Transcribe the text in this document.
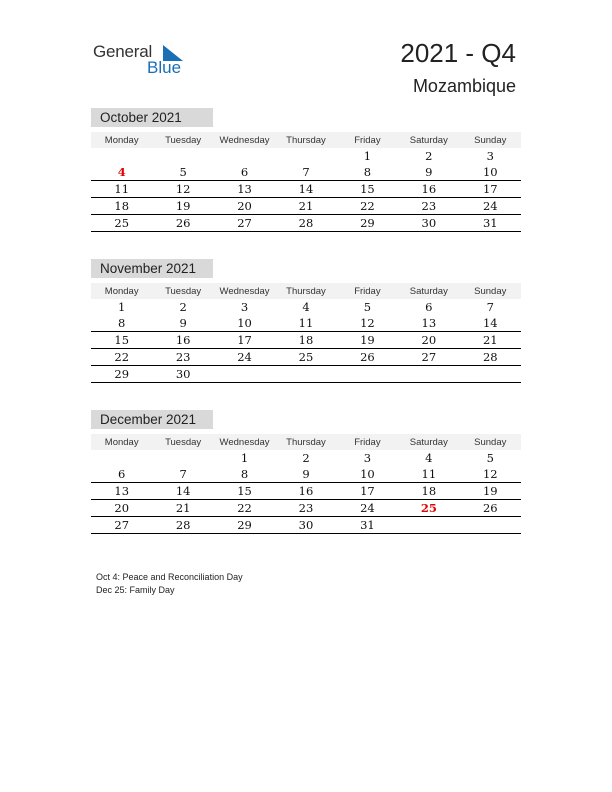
General
Blue	2021 - Q4
Mozambique
October 2021
Monday	Tuesday	Wednesday	Thursday	Friday	Saturday	Sunday
				1	2	3
4	5	6	7	8	9	10
11	12	13	14	15	16	17
18	19	20	21	22	23	24
25	26	27	28	29	30	31
November 2021
Monday	Tuesday	Wednesday	Thursday	Friday	Saturday	Sunday
1	2	3	4	5	6	7
8	9	10	11	12	13	14
15	16	17	18	19	20	21
22	23	24	25	26	27	28
29	30					
December 2021
Monday	Tuesday	Wednesday	Thursday	Friday	Saturday	Sunday
		1	2	3	4	5
6	7	8	9	10	11	12
13	14	15	16	17	18	19
20	21	22	23	24	25	26
27	28	29	30	31		
Oct 4: Peace and Reconciliation Day
Dec 25: Family Day
